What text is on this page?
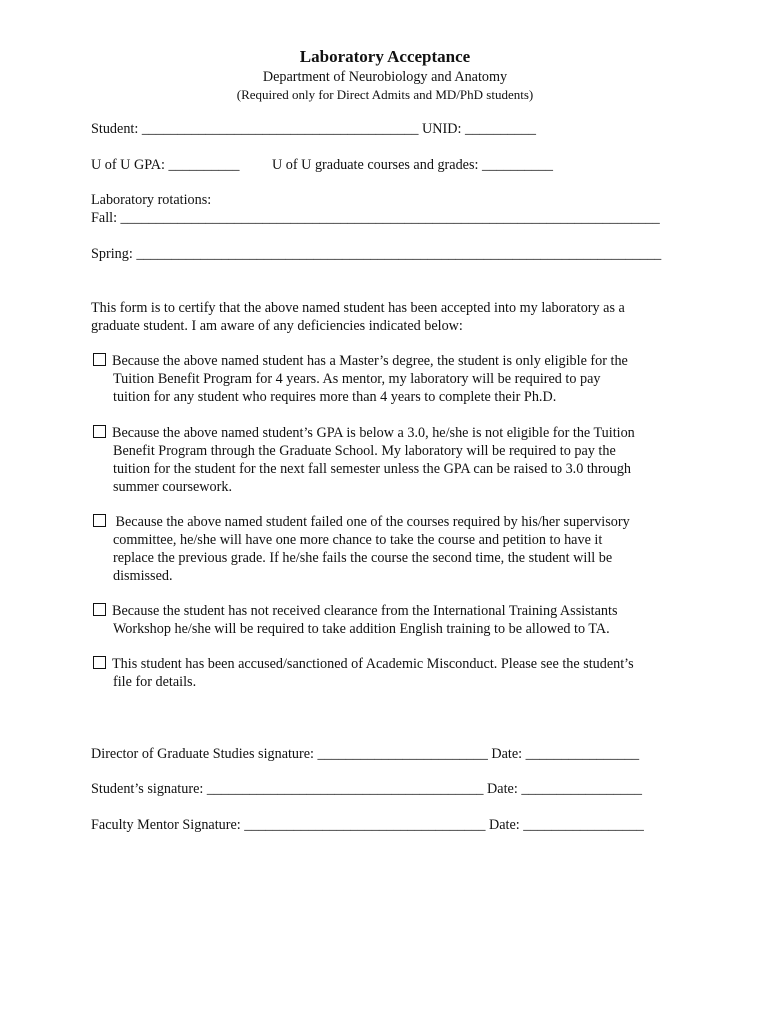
Laboratory Acceptance
Department of Neurobiology and Anatomy
(Required only for Direct Admits and MD/PhD students)
Student: _______________________________________ UNID: __________
U of U GPA: __________ U of U graduate courses and grades: __________
Laboratory rotations:
Fall: ____________________________________________________________________________
Spring: __________________________________________________________________________
This form is to certify that the above named student has been accepted into my laboratory as a
graduate student. I am aware of any deficiencies indicated below:
Because the above named student has a Master’s degree, the student is only eligible for the
Tuition Benefit Program for 4 years. As mentor, my laboratory will be required to pay
tuition for any student who requires more than 4 years to complete their Ph.D.
Because the above named student’s GPA is below a 3.0, he/she is not eligible for the Tuition
Benefit Program through the Graduate School. My laboratory will be required to pay the
tuition for the student for the next fall semester unless the GPA can be raised to 3.0 through
summer coursework.
Because the above named student failed one of the courses required by his/her supervisory
committee, he/she will have one more chance to take the course and petition to have it
replace the previous grade. If he/she fails the course the second time, the student will be
dismissed.
Because the student has not received clearance from the International Training Assistants
Workshop he/she will be required to take addition English training to be allowed to TA.
This student has been accused/sanctioned of Academic Misconduct. Please see the student’s
file for details.
Director of Graduate Studies signature: ________________________ Date: ________________
Student’s signature: _______________________________________ Date: _________________
Faculty Mentor Signature: __________________________________ Date: _________________
